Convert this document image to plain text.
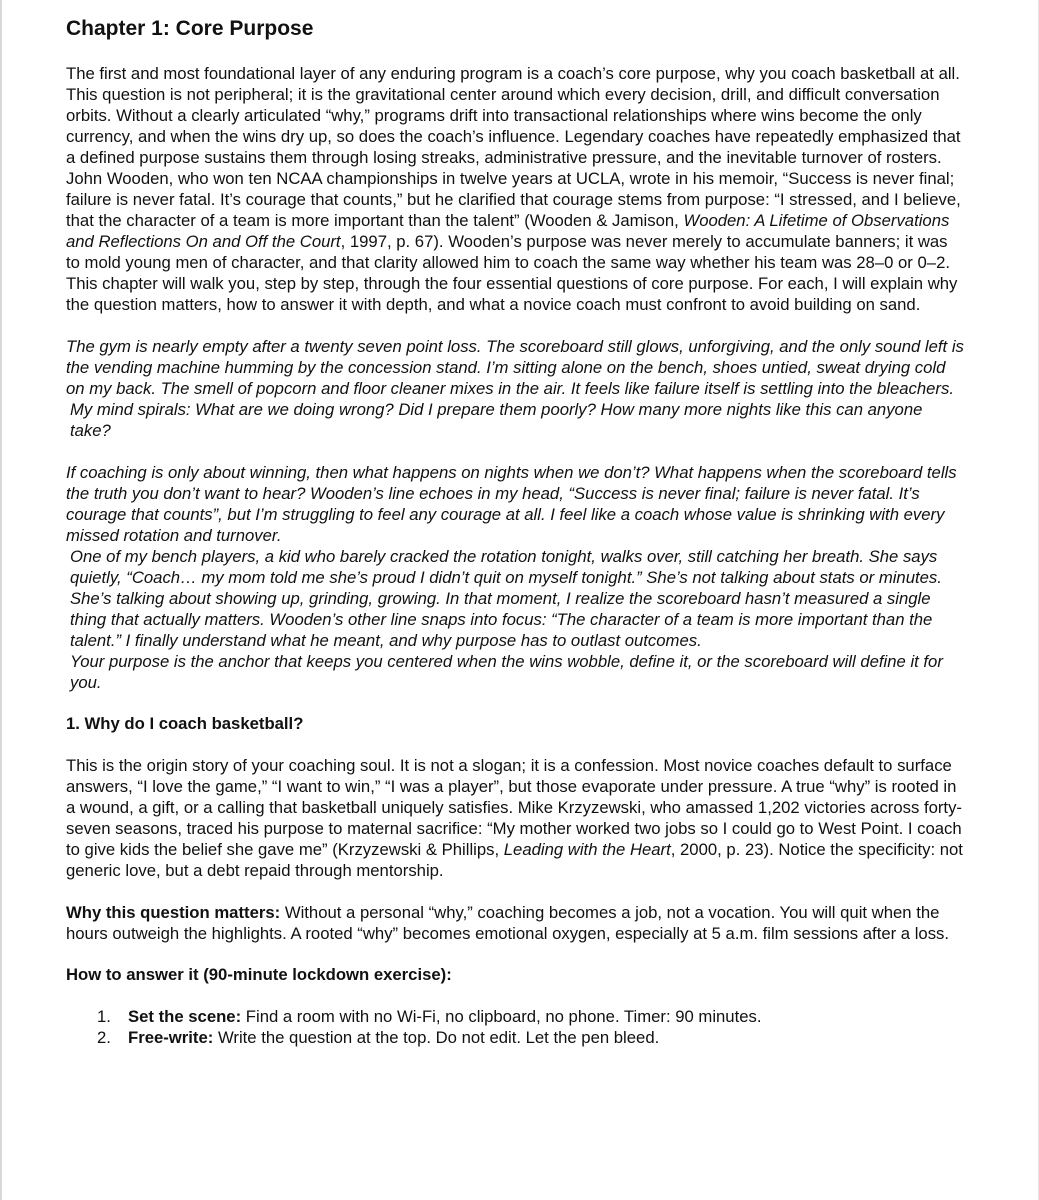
Chapter 1: Core Purpose

The first and most foundational layer of any enduring program is a coach’s core purpose, why you coach basketball at all. This question is not peripheral; it is the gravitational center around which every decision, drill, and difficult conversation orbits. Without a clearly articulated “why,” programs drift into transactional relationships where wins become the only currency, and when the wins dry up, so does the coach’s influence. Legendary coaches have repeatedly emphasized that a defined purpose sustains them through losing streaks, administrative pressure, and the inevitable turnover of rosters. John Wooden, who won ten NCAA championships in twelve years at UCLA, wrote in his memoir, “Success is never final; failure is never fatal. It’s courage that counts,” but he clarified that courage stems from purpose: “I stressed, and I believe, that the character of a team is more important than the talent” (Wooden & Jamison, Wooden: A Lifetime of Observations and Reflections On and Off the Court, 1997, p. 67). Wooden’s purpose was never merely to accumulate banners; it was to mold young men of character, and that clarity allowed him to coach the same way whether his team was 28–0 or 0–2. This chapter will walk you, step by step, through the four essential questions of core purpose. For each, I will explain why the question matters, how to answer it with depth, and what a novice coach must confront to avoid building on sand.

The gym is nearly empty after a twenty seven point loss. The scoreboard still glows, unforgiving, and the only sound left is the vending machine humming by the concession stand. I’m sitting alone on the bench, shoes untied, sweat drying cold on my back. The smell of popcorn and floor cleaner mixes in the air. It feels like failure itself is settling into the bleachers.

My mind spirals: What are we doing wrong? Did I prepare them poorly? How many more nights like this can anyone take?

If coaching is only about winning, then what happens on nights when we don’t? What happens when the scoreboard tells the truth you don’t want to hear? Wooden’s line echoes in my head, “Success is never final; failure is never fatal. It’s courage that counts”, but I’m struggling to feel any courage at all. I feel like a coach whose value is shrinking with every missed rotation and turnover.

One of my bench players, a kid who barely cracked the rotation tonight, walks over, still catching her breath. She says quietly, “Coach… my mom told me she’s proud I didn’t quit on myself tonight.” She’s not talking about stats or minutes. She’s talking about showing up, grinding, growing. In that moment, I realize the scoreboard hasn’t measured a single thing that actually matters. Wooden’s other line snaps into focus: “The character of a team is more important than the talent.” I finally understand what he meant, and why purpose has to outlast outcomes.

Your purpose is the anchor that keeps you centered when the wins wobble, define it, or the scoreboard will define it for you.

1. Why do I coach basketball?

This is the origin story of your coaching soul. It is not a slogan; it is a confession. Most novice coaches default to surface answers, “I love the game,” “I want to win,” “I was a player”, but those evaporate under pressure. A true “why” is rooted in a wound, a gift, or a calling that basketball uniquely satisfies. Mike Krzyzewski, who amassed 1,202 victories across forty-seven seasons, traced his purpose to maternal sacrifice: “My mother worked two jobs so I could go to West Point. I coach to give kids the belief she gave me” (Krzyzewski & Phillips, Leading with the Heart, 2000, p. 23). Notice the specificity: not generic love, but a debt repaid through mentorship.

Why this question matters: Without a personal “why,” coaching becomes a job, not a vocation. You will quit when the hours outweigh the highlights. A rooted “why” becomes emotional oxygen, especially at 5 a.m. film sessions after a loss.

How to answer it (90-minute lockdown exercise):
1.	Set the scene: Find a room with no Wi-Fi, no clipboard, no phone. Timer: 90 minutes.
2.	Free-write: Write the question at the top. Do not edit. Let the pen bleed.
